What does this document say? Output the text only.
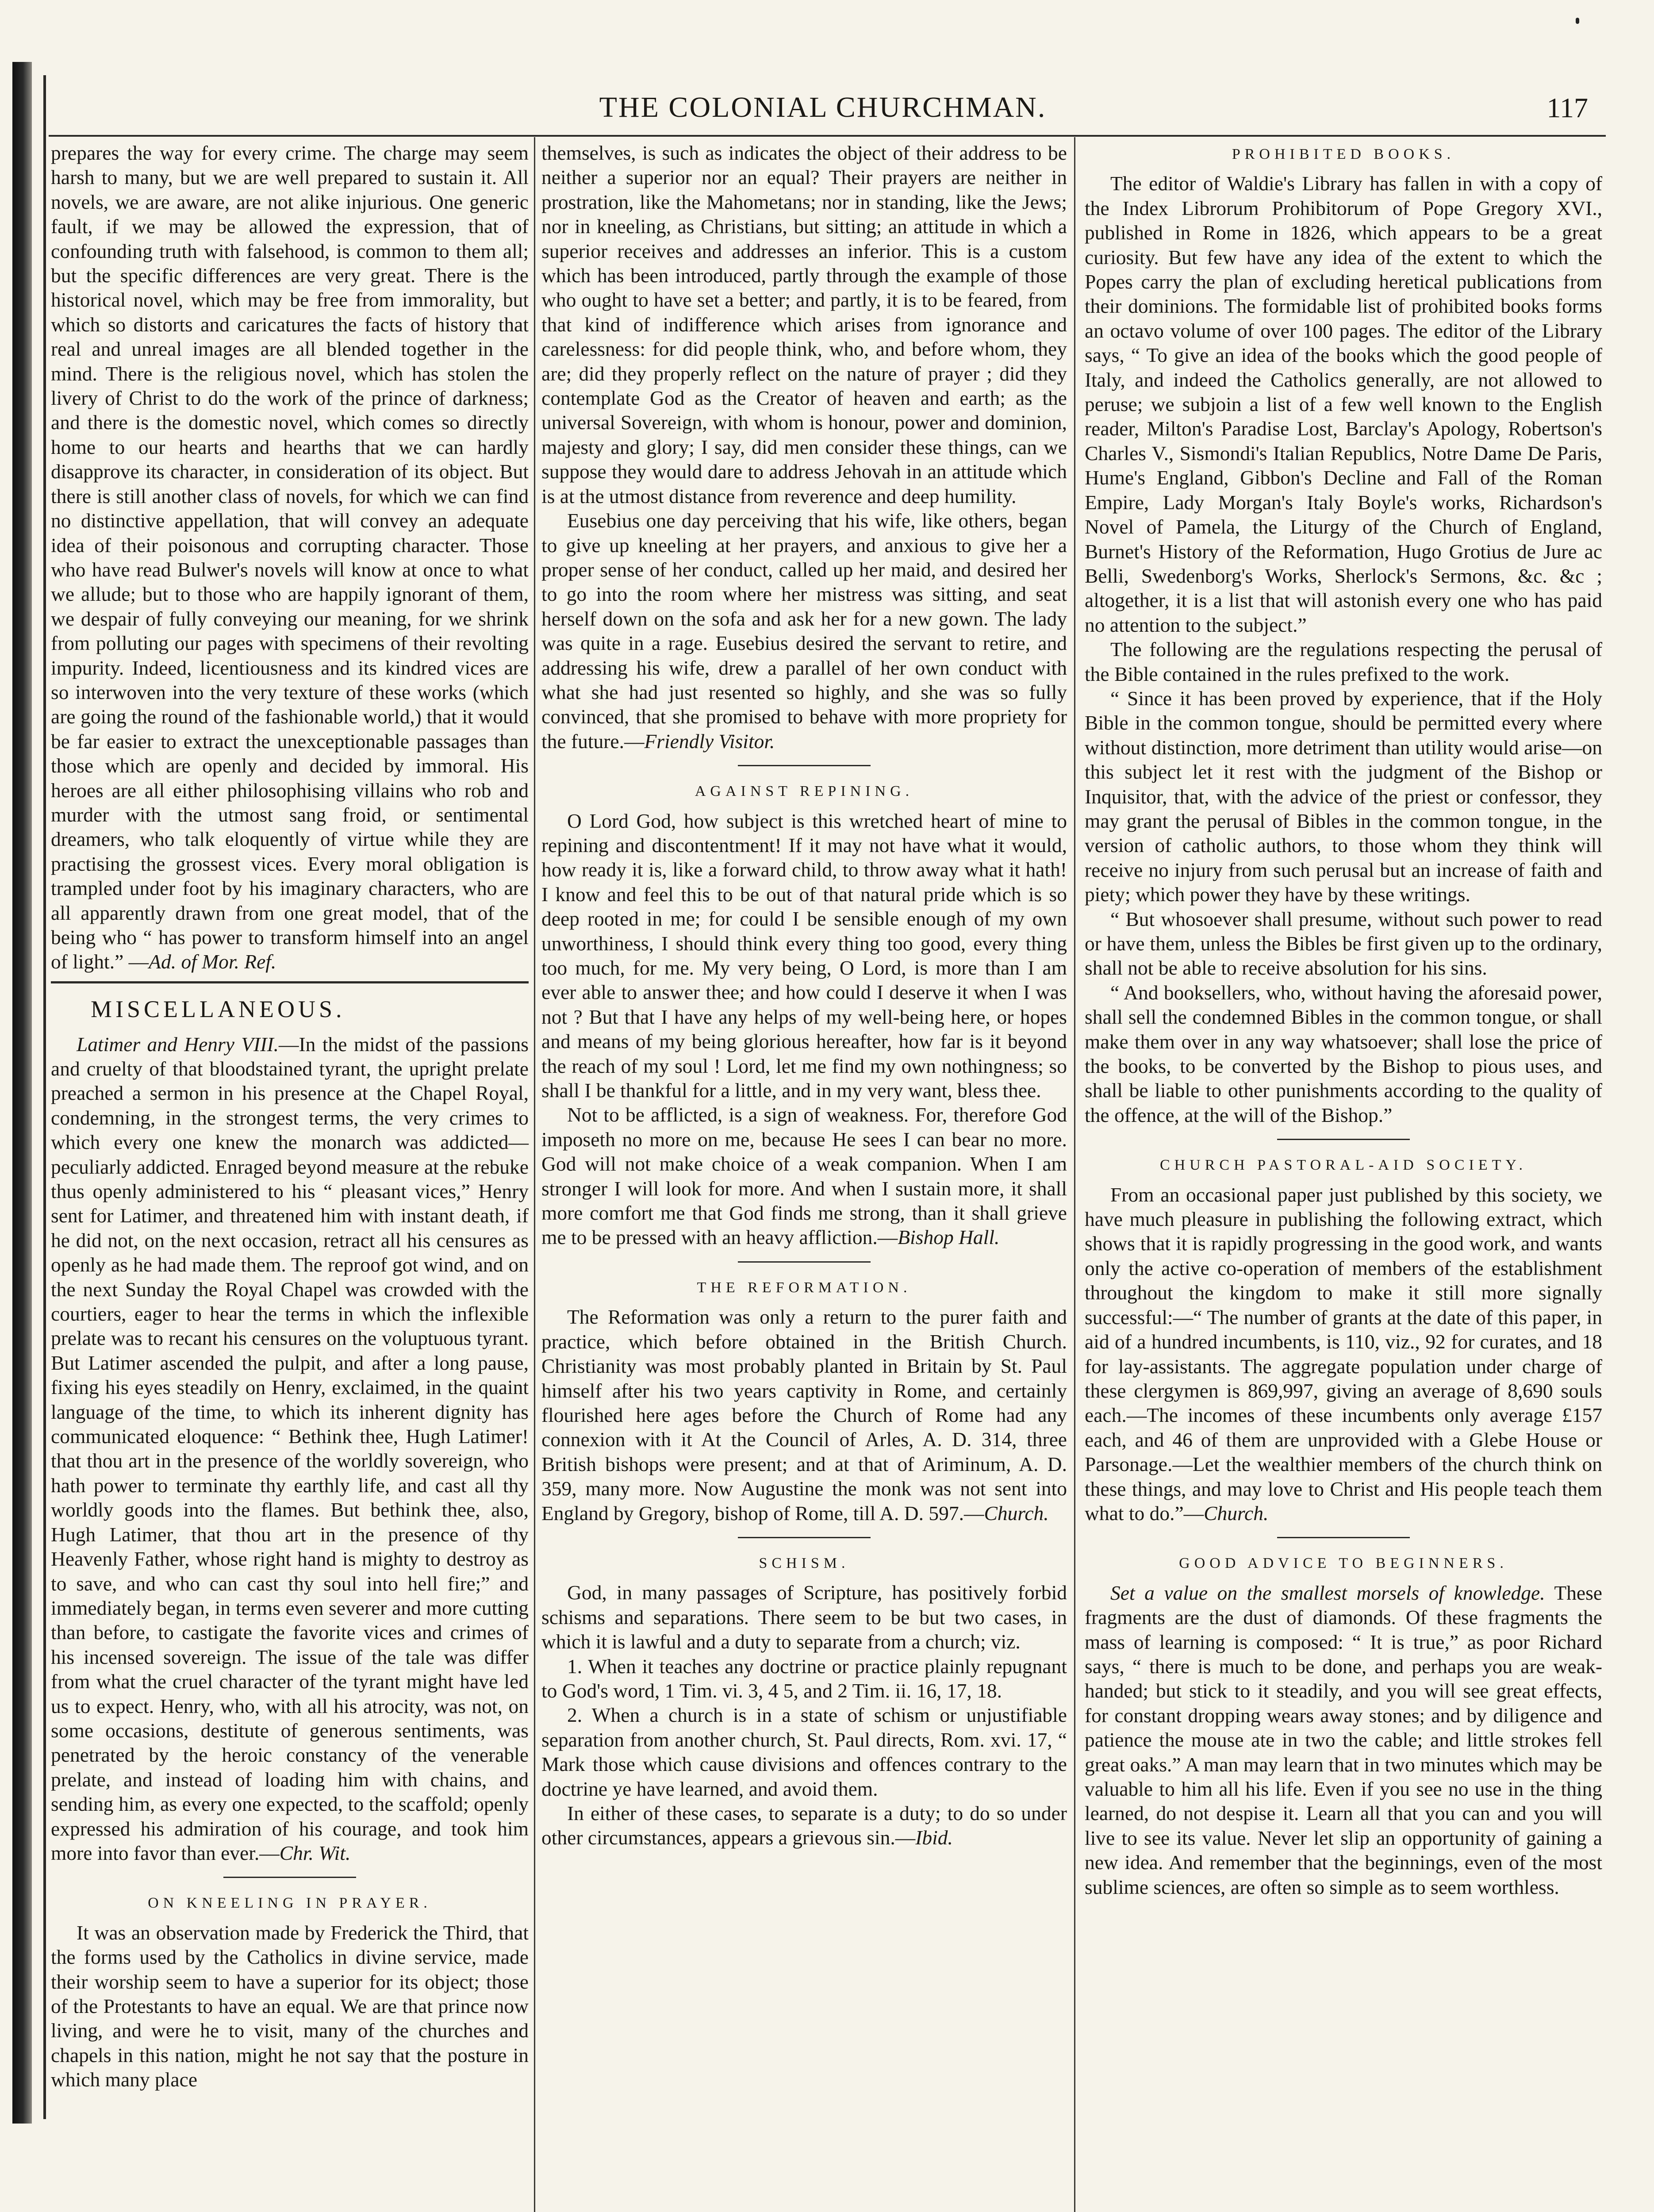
THE COLONIAL CHURCHMAN.	117

prepares the way for every crime. The charge may seem harsh to many, but we are well prepared to sustain it. All novels, we are aware, are not alike injurious. One generic fault, if we may be allowed the expression, that of confounding truth with falsehood, is common to them all; but the specific differences are very great. There is the historical novel, which may be free from immorality, but which so distorts and caricatures the facts of history that real and unreal images are all blended together in the mind. There is the religious novel, which has stolen the livery of Christ to do the work of the prince of darkness; and there is the domestic novel, which comes so directly home to our hearts and hearths that we can hardly disapprove its character, in consideration of its object. But there is still another class of novels, for which we can find no distinctive appellation, that will convey an adequate idea of their poisonous and corrupting character. Those who have read Bulwer's novels will know at once to what we allude; but to those who are happily ignorant of them, we despair of fully conveying our meaning, for we shrink from polluting our pages with specimens of their revolting impurity. Indeed, licentiousness and its kindred vices are so interwoven into the very texture of these works (which are going the round of the fashionable world,) that it would be far easier to extract the unexceptionable passages than those which are openly and decided by immoral. His heroes are all either philosophising villains who rob and murder with the utmost sang froid, or sentimental dreamers, who talk eloquently of virtue while they are practising the grossest vices. Every moral obligation is trampled under foot by his imaginary characters, who are all apparently drawn from one great model, that of the being who “ has power to transform himself into an angel of light.” —Ad. of Mor. Ref.

MISCELLANEOUS.

Latimer and Henry VIII.—In the midst of the passions and cruelty of that bloodstained tyrant, the upright prelate preached a sermon in his presence at the Chapel Royal, condemning, in the strongest terms, the very crimes to which every one knew the monarch was addicted—peculiarly addicted. Enraged beyond measure at the rebuke thus openly administered to his “ pleasant vices,” Henry sent for Latimer, and threatened him with instant death, if he did not, on the next occasion, retract all his censures as openly as he had made them. The reproof got wind, and on the next Sunday the Royal Chapel was crowded with the courtiers, eager to hear the terms in which the inflexible prelate was to recant his censures on the voluptuous tyrant. But Latimer ascended the pulpit, and after a long pause, fixing his eyes steadily on Henry, exclaimed, in the quaint language of the time, to which its inherent dignity has communicated eloquence: “ Bethink thee, Hugh Latimer! that thou art in the presence of the worldly sovereign, who hath power to terminate thy earthly life, and cast all thy worldly goods into the flames. But bethink thee, also, Hugh Latimer, that thou art in the presence of thy Heavenly Father, whose right hand is mighty to destroy as to save, and who can cast thy soul into hell fire;” and immediately began, in terms even severer and more cutting than before, to castigate the favorite vices and crimes of his incensed sovereign. The issue of the tale was differ from what the cruel character of the tyrant might have led us to expect. Henry, who, with all his atrocity, was not, on some occasions, destitute of generous sentiments, was penetrated by the heroic constancy of the venerable prelate, and instead of loading him with chains, and sending him, as every one expected, to the scaffold; openly expressed his admiration of his courage, and took him more into favor than ever.—Chr. Wit.

ON KNEELING IN PRAYER.

It was an observation made by Frederick the Third, that the forms used by the Catholics in divine service, made their worship seem to have a superior for its object; those of the Protestants to have an equal. We are that prince now living, and were he to visit, many of the churches and chapels in this nation, might he not say that the posture in which many place

themselves, is such as indicates the object of their address to be neither a superior nor an equal? Their prayers are neither in prostration, like the Mahometans; nor in standing, like the Jews; nor in kneeling, as Christians, but sitting; an attitude in which a superior receives and addresses an inferior. This is a custom which has been introduced, partly through the example of those who ought to have set a better; and partly, it is to be feared, from that kind of indifference which arises from ignorance and carelessness: for did people think, who, and before whom, they are; did they properly reflect on the nature of prayer ; did they contemplate God as the Creator of heaven and earth; as the universal Sovereign, with whom is honour, power and dominion, majesty and glory; I say, did men consider these things, can we suppose they would dare to address Jehovah in an attitude which is at the utmost distance from reverence and deep humility.

Eusebius one day perceiving that his wife, like others, began to give up kneeling at her prayers, and anxious to give her a proper sense of her conduct, called up her maid, and desired her to go into the room where her mistress was sitting, and seat herself down on the sofa and ask her for a new gown. The lady was quite in a rage. Eusebius desired the servant to retire, and addressing his wife, drew a parallel of her own conduct with what she had just resented so highly, and she was so fully convinced, that she promised to behave with more propriety for the future.—Friendly Visitor.

AGAINST REPINING.

O Lord God, how subject is this wretched heart of mine to repining and discontentment! If it may not have what it would, how ready it is, like a forward child, to throw away what it hath! I know and feel this to be out of that natural pride which is so deep rooted in me; for could I be sensible enough of my own unworthiness, I should think every thing too good, every thing too much, for me. My very being, O Lord, is more than I am ever able to answer thee; and how could I deserve it when I was not ? But that I have any helps of my well-being here, or hopes and means of my being glorious hereafter, how far is it beyond the reach of my soul ! Lord, let me find my own nothingness; so shall I be thankful for a little, and in my very want, bless thee.

Not to be afflicted, is a sign of weakness. For, therefore God imposeth no more on me, because He sees I can bear no more. God will not make choice of a weak companion. When I am stronger I will look for more. And when I sustain more, it shall more comfort me that God finds me strong, than it shall grieve me to be pressed with an heavy affliction.—Bishop Hall.

THE REFORMATION.

The Reformation was only a return to the purer faith and practice, which before obtained in the British Church. Christianity was most probably planted in Britain by St. Paul himself after his two years captivity in Rome, and certainly flourished here ages before the Church of Rome had any connexion with it At the Council of Arles, A. D. 314, three British bishops were present; and at that of Ariminum, A. D. 359, many more. Now Augustine the monk was not sent into England by Gregory, bishop of Rome, till A. D. 597.—Church.

SCHISM.

God, in many passages of Scripture, has positively forbid schisms and separations. There seem to be but two cases, in which it is lawful and a duty to separate from a church; viz.

1. When it teaches any doctrine or practice plainly repugnant to God's word, 1 Tim. vi. 3, 4 5, and 2 Tim. ii. 16, 17, 18.

2. When a church is in a state of schism or unjustifiable separation from another church, St. Paul directs, Rom. xvi. 17, “ Mark those which cause divisions and offences contrary to the doctrine ye have learned, and avoid them.

In either of these cases, to separate is a duty; to do so under other circumstances, appears a grievous sin.—Ibid.

PROHIBITED BOOKS.

The editor of Waldie's Library has fallen in with a copy of the Index Librorum Prohibitorum of Pope Gregory XVI., published in Rome in 1826, which appears to be a great curiosity. But few have any idea of the extent to which the Popes carry the plan of excluding heretical publications from their dominions. The formidable list of prohibited books forms an octavo volume of over 100 pages. The editor of the Library says, “ To give an idea of the books which the good people of Italy, and indeed the Catholics generally, are not allowed to peruse; we subjoin a list of a few well known to the English reader, Milton's Paradise Lost, Barclay's Apology, Robertson's Charles V., Sismondi's Italian Republics, Notre Dame De Paris, Hume's England, Gibbon's Decline and Fall of the Roman Empire, Lady Morgan's Italy Boyle's works, Richardson's Novel of Pamela, the Liturgy of the Church of England, Burnet's History of the Reformation, Hugo Grotius de Jure ac Belli, Swedenborg's Works, Sherlock's Sermons, &c. &c ; altogether, it is a list that will astonish every one who has paid no attention to the subject.”

The following are the regulations respecting the perusal of the Bible contained in the rules prefixed to the work.

“ Since it has been proved by experience, that if the Holy Bible in the common tongue, should be permitted every where without distinction, more detriment than utility would arise—on this subject let it rest with the judgment of the Bishop or Inquisitor, that, with the advice of the priest or confessor, they may grant the perusal of Bibles in the common tongue, in the version of catholic authors, to those whom they think will receive no injury from such perusal but an increase of faith and piety; which power they have by these writings.

“ But whosoever shall presume, without such power to read or have them, unless the Bibles be first given up to the ordinary, shall not be able to receive absolution for his sins.

“ And booksellers, who, without having the aforesaid power, shall sell the condemned Bibles in the common tongue, or shall make them over in any way whatsoever; shall lose the price of the books, to be converted by the Bishop to pious uses, and shall be liable to other punishments according to the quality of the offence, at the will of the Bishop.”

CHURCH PASTORAL-AID SOCIETY.

From an occasional paper just published by this society, we have much pleasure in publishing the following extract, which shows that it is rapidly progressing in the good work, and wants only the active co-operation of members of the establishment throughout the kingdom to make it still more signally successful:—“ The number of grants at the date of this paper, in aid of a hundred incumbents, is 110, viz., 92 for curates, and 18 for lay-assistants. The aggregate population under charge of these clergymen is 869,997, giving an average of 8,690 souls each.—The incomes of these incumbents only average £157 each, and 46 of them are unprovided with a Glebe House or Parsonage.—Let the wealthier members of the church think on these things, and may love to Christ and His people teach them what to do.”—Church.

GOOD ADVICE TO BEGINNERS.

Set a value on the smallest morsels of knowledge. These fragments are the dust of diamonds. Of these fragments the mass of learning is composed: “ It is true,” as poor Richard says, “ there is much to be done, and perhaps you are weak-handed; but stick to it steadily, and you will see great effects, for constant dropping wears away stones; and by diligence and patience the mouse ate in two the cable; and little strokes fell great oaks.” A man may learn that in two minutes which may be valuable to him all his life. Even if you see no use in the thing learned, do not despise it. Learn all that you can and you will live to see its value. Never let slip an opportunity of gaining a new idea. And remember that the beginnings, even of the most sublime sciences, are often so simple as to seem worthless.
